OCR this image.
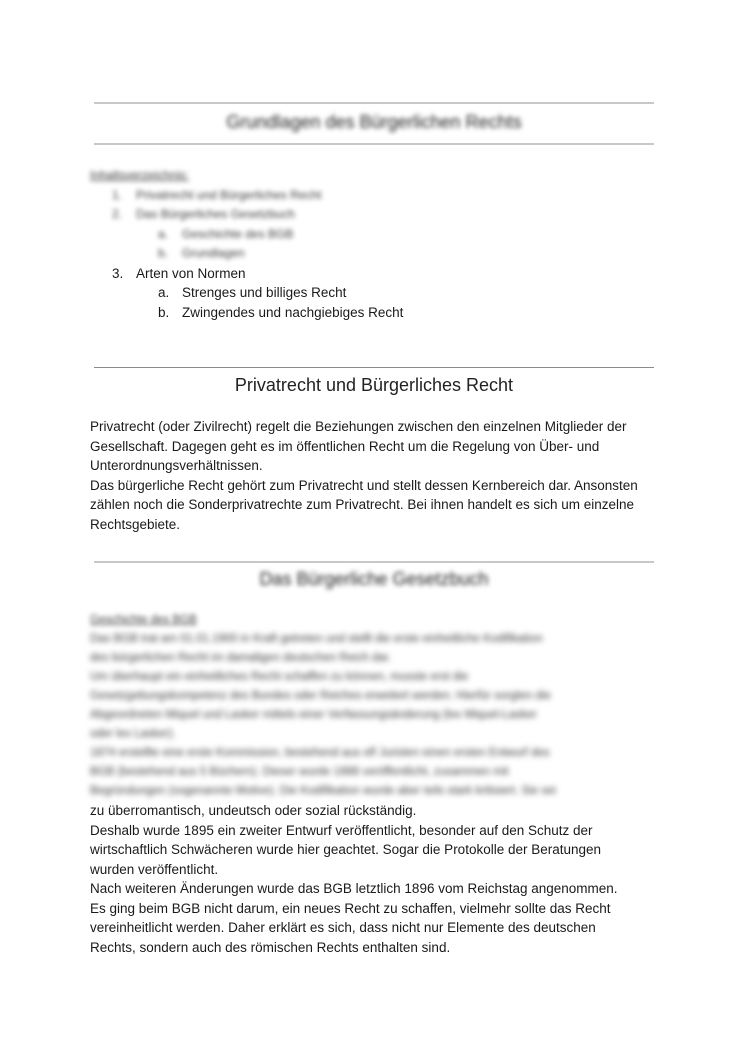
Grundlagen des Bürgerlichen Rechts
Inhaltsverzeichnis:
1. Privatrecht und Bürgerliches Recht
2. Das Bürgerliches Gesetzbuch
a. Geschichte des BGB
b. Grundlagen
3. Arten von Normen
a. Strenges und billiges Recht
b. Zwingendes und nachgiebiges Recht
Privatrecht und Bürgerliches Recht

Privatrecht (oder Zivilrecht) regelt die Beziehungen zwischen den einzelnen Mitglieder der

Gesellschaft. Dagegen geht es im öffentlichen Recht um die Regelung von Über- und

Unterordnungsverhältnissen.

Das bürgerliche Recht gehört zum Privatrecht und stellt dessen Kernbereich dar. Ansonsten

zählen noch die Sonderprivatrechte zum Privatrecht. Bei ihnen handelt es sich um einzelne

Rechtsgebiete.

Das Bürgerliche Gesetzbuch

Geschichte des BGB

Das BGB trat am 01.01.1900 in Kraft getreten und stellt die erste einheitliche Kodifikation

des bürgerlichen Recht im damaligen deutschen Reich dar.

Um überhaupt ein einheitliches Recht schaffen zu können, musste erst die

Gesetzgebungskompetenz des Bundes oder Reiches erweitert werden. Hierfür sorgten die

Abgeordneten Miquel und Lasker mittels einer Verfassungsänderung (lex Miquel-Lasker

oder lex Lasker).

1874 erstellte eine erste Kommission, bestehend aus elf Juristen einen ersten Entwurf des

BGB (bestehend aus 5 Büchern). Dieser wurde 1888 veröffentlicht, zusammen mit

Begründungen (sogenannte Motive). Die Kodifikation wurde aber teils stark kritisiert. Sie sei

zu überromantisch, undeutsch oder sozial rückständig.

Deshalb wurde 1895 ein zweiter Entwurf veröffentlicht, besonder auf den Schutz der

wirtschaftlich Schwächeren wurde hier geachtet. Sogar die Protokolle der Beratungen

wurden veröffentlicht.

Nach weiteren Änderungen wurde das BGB letztlich 1896 vom Reichstag angenommen.

Es ging beim BGB nicht darum, ein neues Recht zu schaffen, vielmehr sollte das Recht

vereinheitlicht werden. Daher erklärt es sich, dass nicht nur Elemente des deutschen

Rechts, sondern auch des römischen Rechts enthalten sind.
